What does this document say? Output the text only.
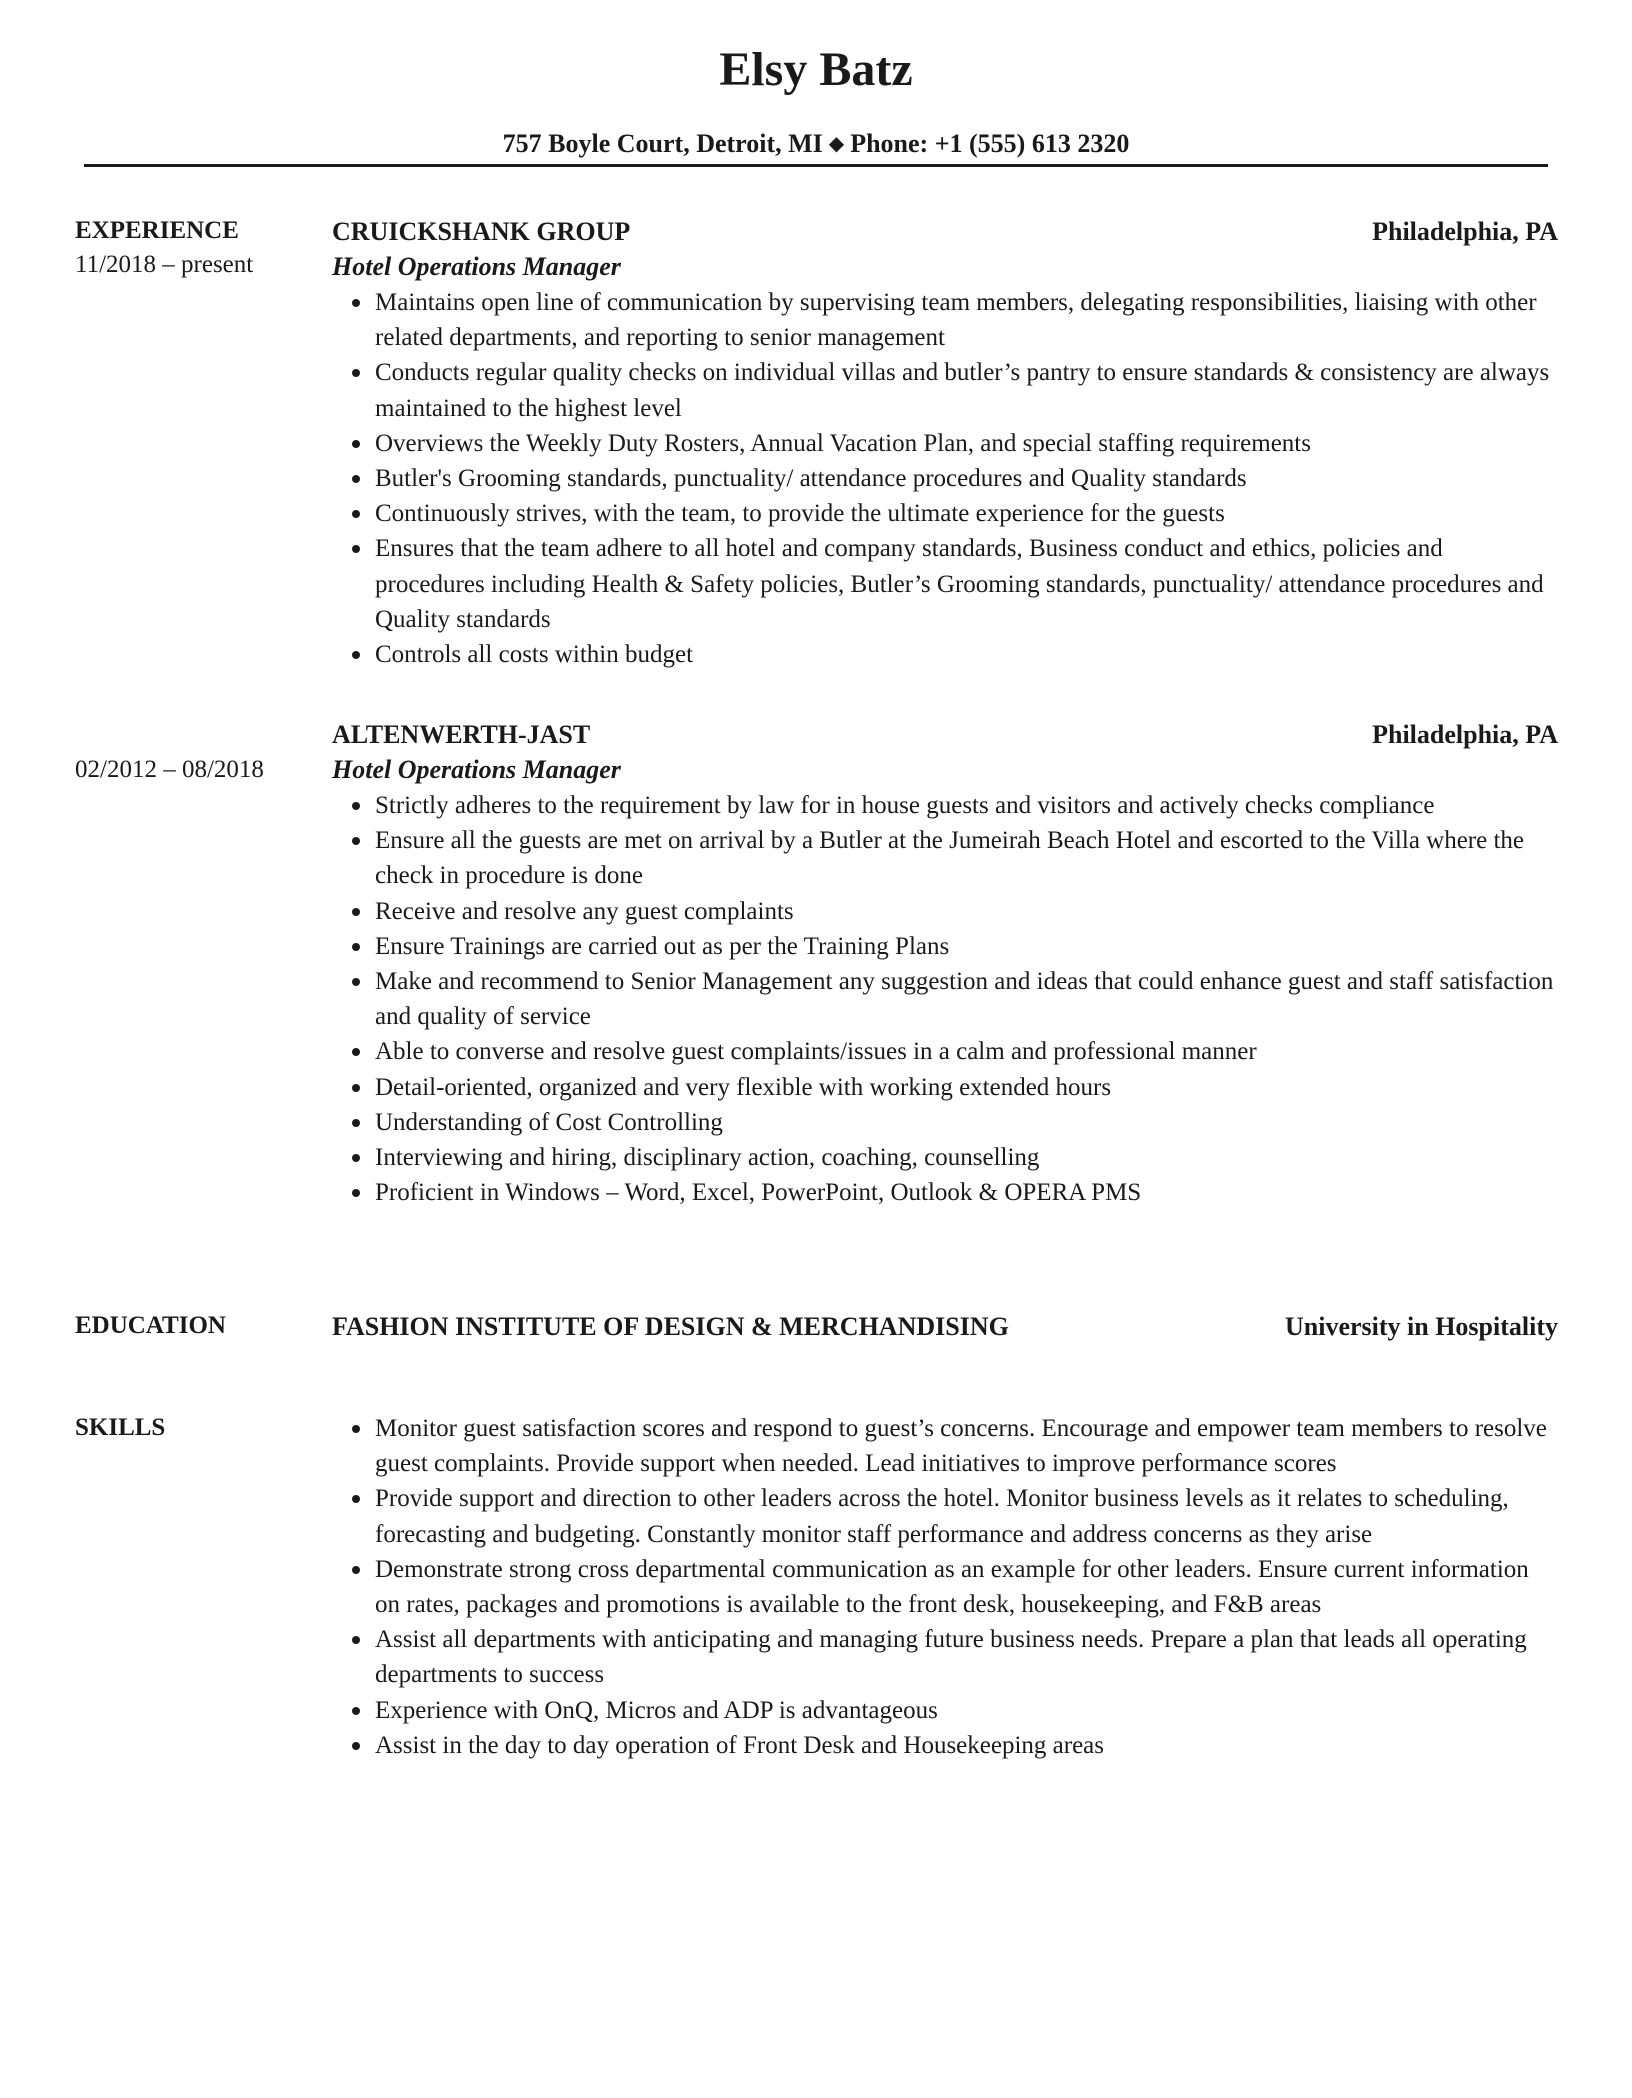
Elsy Batz
757 Boyle Court, Detroit, MI ◆ Phone: +1 (555) 613 2320
EXPERIENCE
11/2018 – present
CRUICKSHANK GROUP	Philadelphia, PA
Hotel Operations Manager
Maintains open line of communication by supervising team members, delegating responsibilities, liaising with other related departments, and reporting to senior management
Conducts regular quality checks on individual villas and butler’s pantry to ensure standards & consistency are always maintained to the highest level
Overviews the Weekly Duty Rosters, Annual Vacation Plan, and special staffing requirements
Butler's Grooming standards, punctuality/ attendance procedures and Quality standards
Continuously strives, with the team, to provide the ultimate experience for the guests
Ensures that the team adhere to all hotel and company standards, Business conduct and ethics, policies and procedures including Health & Safety policies, Butler’s Grooming standards, punctuality/ attendance procedures and Quality standards
Controls all costs within budget
02/2012 – 08/2018
ALTENWERTH-JAST	Philadelphia, PA
Hotel Operations Manager
Strictly adheres to the requirement by law for in house guests and visitors and actively checks compliance
Ensure all the guests are met on arrival by a Butler at the Jumeirah Beach Hotel and escorted to the Villa where the check in procedure is done
Receive and resolve any guest complaints
Ensure Trainings are carried out as per the Training Plans
Make and recommend to Senior Management any suggestion and ideas that could enhance guest and staff satisfaction and quality of service
Able to converse and resolve guest complaints/issues in a calm and professional manner
Detail-oriented, organized and very flexible with working extended hours
Understanding of Cost Controlling
Interviewing and hiring, disciplinary action, coaching, counselling
Proficient in Windows – Word, Excel, PowerPoint, Outlook & OPERA PMS
EDUCATION	FASHION INSTITUTE OF DESIGN & MERCHANDISING	University in Hospitality
SKILLS	Monitor guest satisfaction scores and respond to guest’s concerns. Encourage and empower team members to resolve guest complaints. Provide support when needed. Lead initiatives to improve performance scores
Provide support and direction to other leaders across the hotel. Monitor business levels as it relates to scheduling, forecasting and budgeting. Constantly monitor staff performance and address concerns as they arise
Demonstrate strong cross departmental communication as an example for other leaders. Ensure current information on rates, packages and promotions is available to the front desk, housekeeping, and F&B areas
Assist all departments with anticipating and managing future business needs. Prepare a plan that leads all operating departments to success
Experience with OnQ, Micros and ADP is advantageous
Assist in the day to day operation of Front Desk and Housekeeping areas
